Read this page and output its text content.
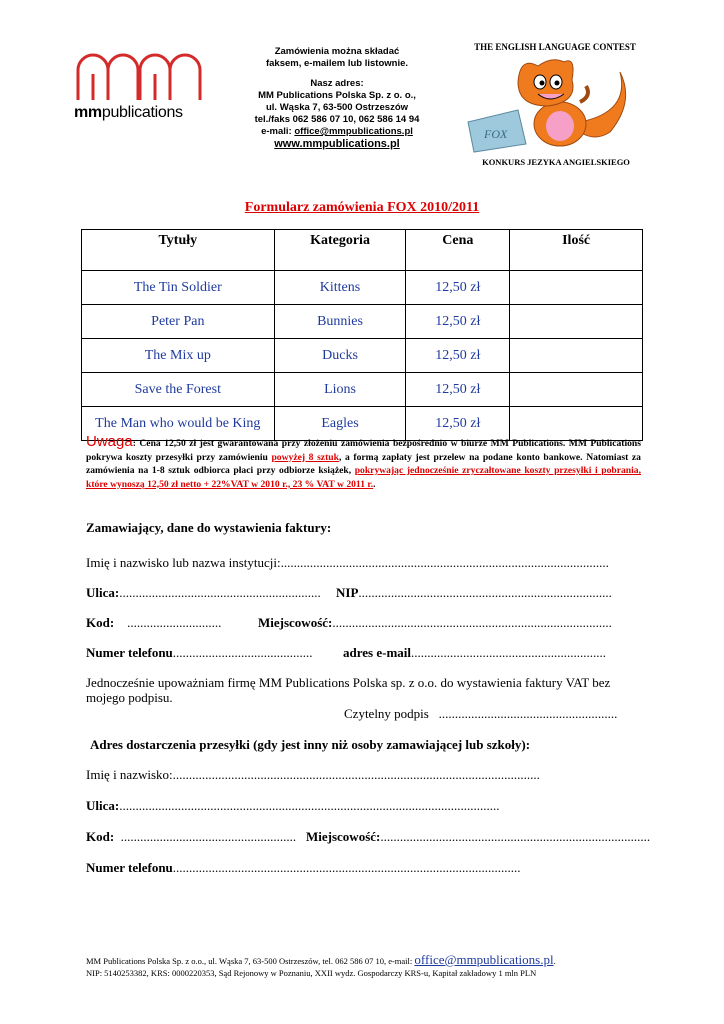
mmpublications
Zamówienia można składać
faksem, e-mailem lub listownie.
Nasz adres:
MM Publications Polska Sp. z o. o.,
ul. Wąska 7, 63-500 Ostrzeszów
tel./faks 062 586 07 10, 062 586 14 94
e-mali: office@mmpublications.pl
www.mmpublications.pl
THE ENGLISH LANGUAGE CONTEST
FOX
KONKURS JEZYKA ANGIELSKIEGO
Formularz zamówienia FOX 2010/2011
Tytuły	Kategoria	Cena	Ilość
The Tin Soldier	Kittens	12,50 zł	
Peter Pan	Bunnies	12,50 zł	
The Mix up	Ducks	12,50 zł	
Save the Forest	Lions	12,50 zł	
The Man who would be King	Eagles	12,50 zł	
Uwaga: Cena 12,50 zł jest gwarantowana przy złożeniu zamówienia bezpośrednio w biurze MM Publications. MM Publications pokrywa koszty przesyłki przy zamówieniu powyżej 8 sztuk, a formą zapłaty jest przelew na podane konto bankowe. Natomiast za zamówienia na 1-8 sztuk odbiorca płaci przy odbiorze książek, pokrywając jednocześnie zryczałtowane koszty przesyłki i pobrania, które wynoszą 12,50 zł netto + 22%VAT w 2010 r., 23 % VAT w 2011 r..
Zamawiający, dane do wystawienia faktury:
Imię i nazwisko lub nazwa instytucji:.....................................................................................................
Ulica:.............................................................. NIP..............................................................................
Kod: .............................	Miejscowość:......................................................................................
Numer telefonu........................................... adres e-mail............................................................
Jednocześnie upoważniam firmę MM Publications Polska sp. z o.o. do wystawienia faktury VAT bez mojego podpisu.
Czytelny podpis .......................................................
Adres dostarczenia przesyłki (gdy jest inny niż osoby zamawiającej lub szkoły):
Imię i nazwisko:.................................................................................................................
Ulica:.....................................................................................................................
Kod: ...................................................... Miejscowość:...................................................................................
Numer telefonu...........................................................................................................
MM Publications Polska Sp. z o.o., ul. Wąska 7, 63-500 Ostrzeszów, tel. 062 586 07 10, e-mail: office@mmpublications.pl.
NIP: 5140253382, KRS: 0000220353, Sąd Rejonowy w Poznaniu, XXII wydz. Gospodarczy KRS-u, Kapitał zakładowy 1 mln PLN
